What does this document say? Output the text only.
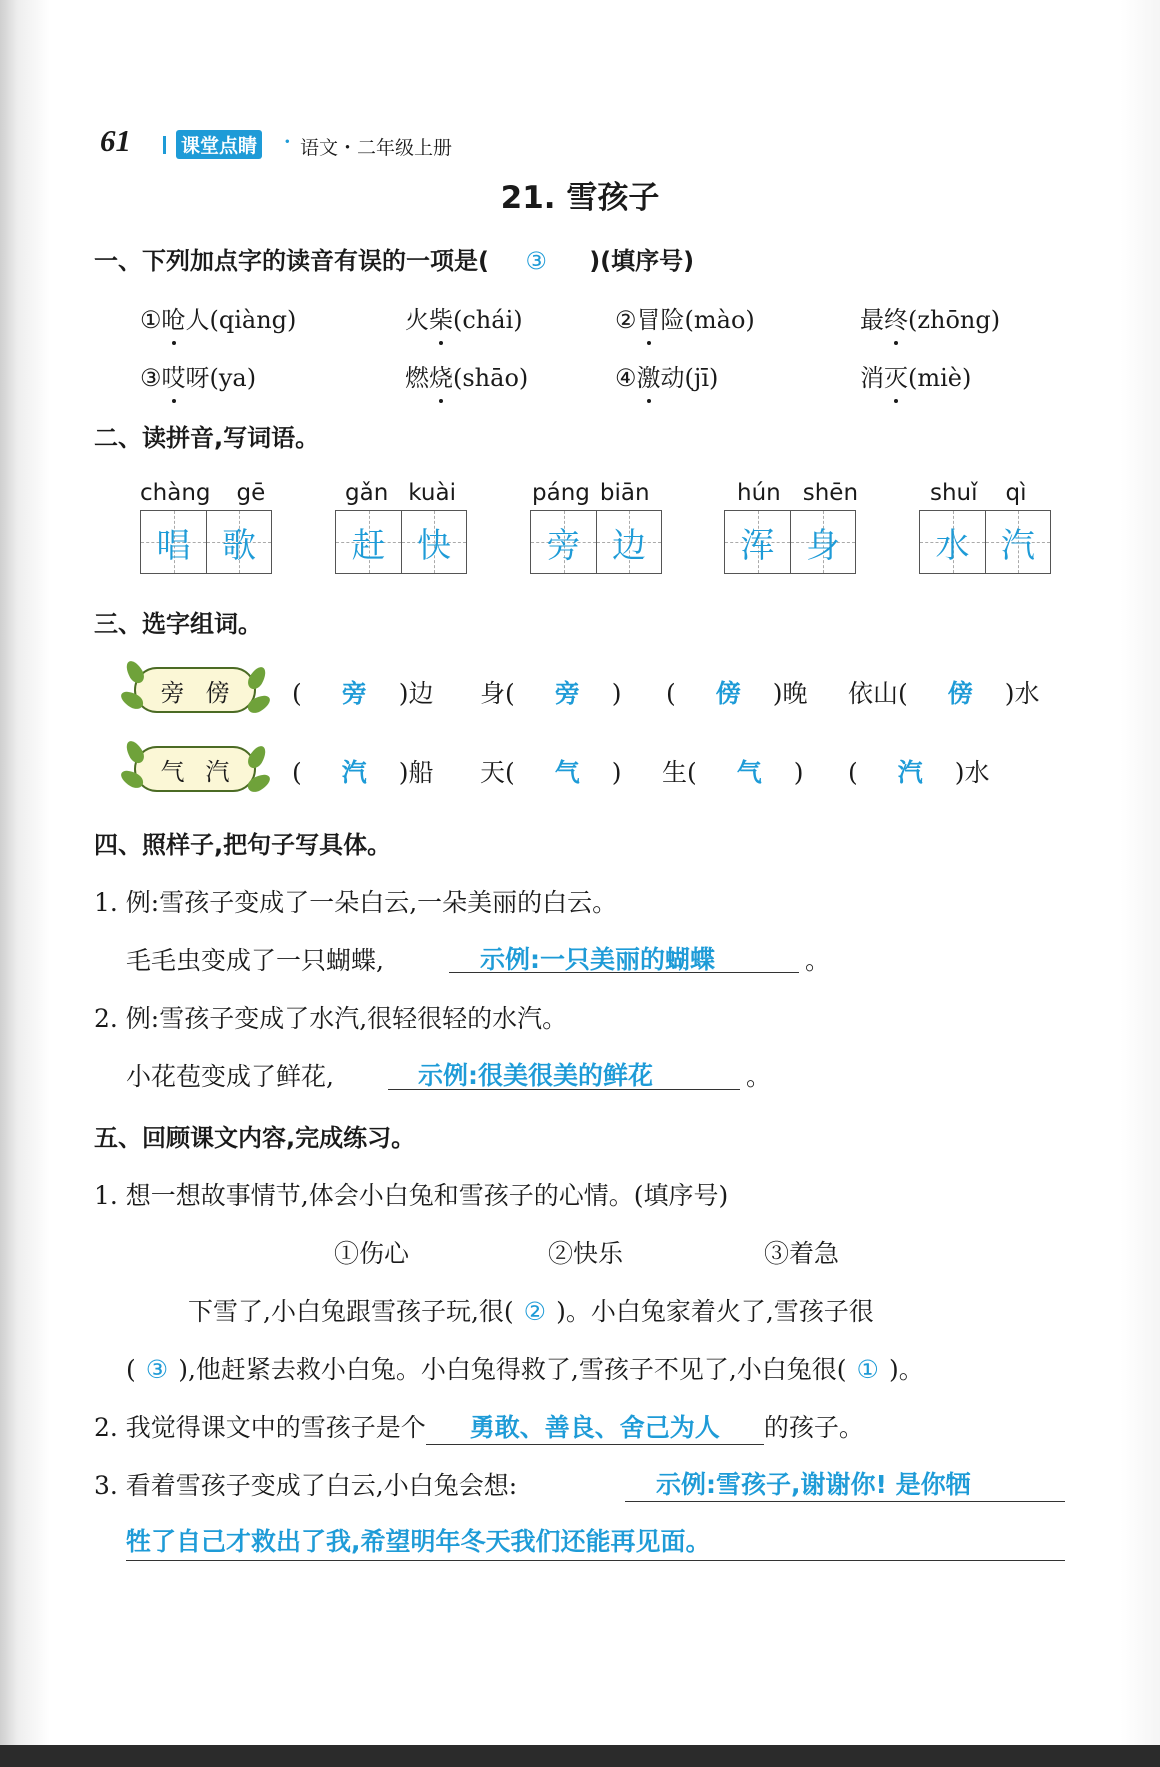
61	课堂点睛 · 语文・二年级上册
21. 雪孩子
一、下列加点字的读音有误的一项是( ③ )(填序号)
①呛人(qiàng)	火柴(chái)	②冒险(mào)	最终(zhōng)
③哎呀(ya)	燃烧(shāo)	④激动(jī)	消灭(miè)
二、读拼音,写词语。
chàng gē	gǎn kuài	páng biān	hún shēn	shuǐ qì
唱 歌	赶 快	旁 边	浑 身	水 汽
三、选字组词。
旁 傍	( 旁 )边 身( 旁 ) ( 傍 )晚 依山( 傍 )水
气 汽	( 汽 )船 天( 气 ) 生( 气 ) ( 汽 )水
四、照样子,把句子写具体。
1. 例:雪孩子变成了一朵白云,一朵美丽的白云。
毛毛虫变成了一只蝴蝶,	示例:一只美丽的蝴蝶	。
2. 例:雪孩子变成了水汽,很轻很轻的水汽。
小花苞变成了鲜花,	示例:很美很美的鲜花	。
五、回顾课文内容,完成练习。
1. 想一想故事情节,体会小白兔和雪孩子的心情。(填序号)
①伤心	②快乐	③着急
下雪了,小白兔跟雪孩子玩,很( ② )。小白兔家着火了,雪孩子很
( ③ ),他赶紧去救小白兔。小白兔得救了,雪孩子不见了,小白兔很( ① )。
2. 我觉得课文中的雪孩子是个 勇敢、善良、舍己为人 的孩子。
3. 看着雪孩子变成了白云,小白兔会想:	示例:雪孩子,谢谢你! 是你牺
牲了自己才救出了我,希望明年冬天我们还能再见面。
